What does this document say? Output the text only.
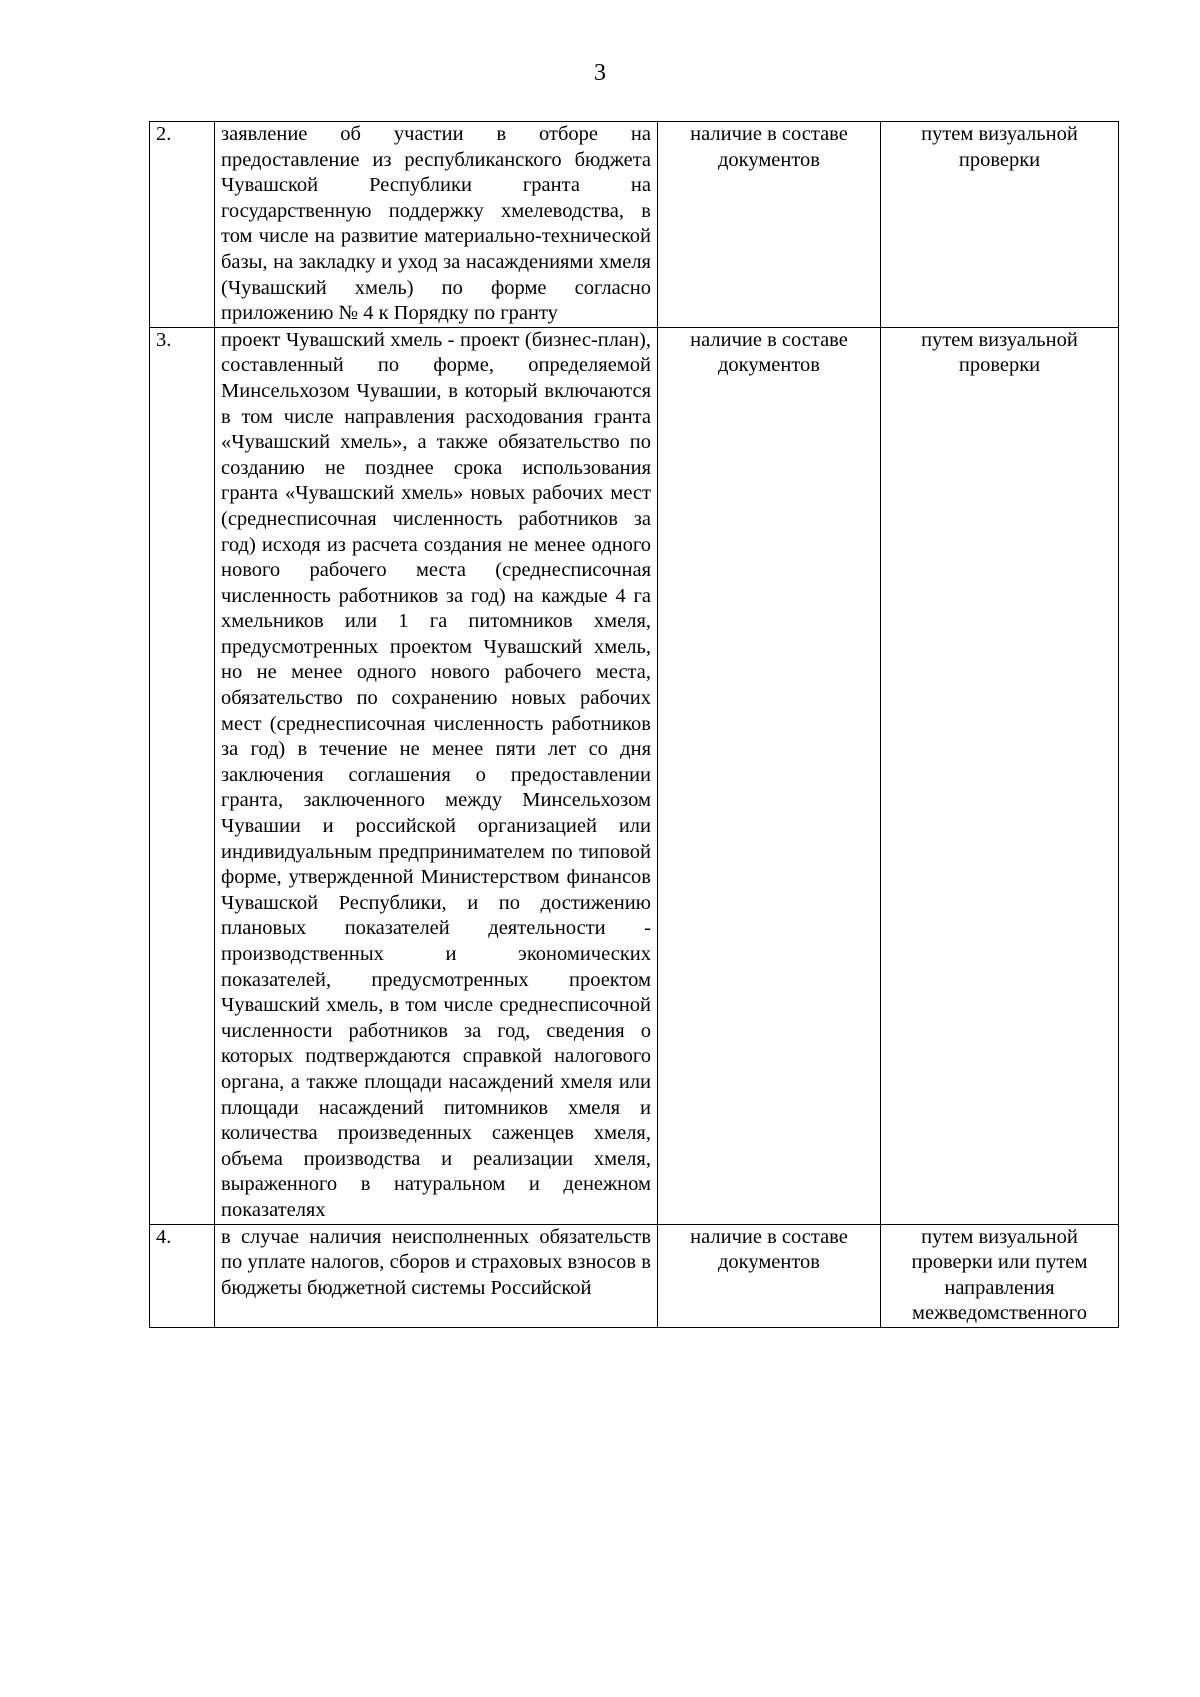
3
2.	заявление об участии в отборе на предоставление из республиканского бюджета Чувашской Республики гранта на государственную поддержку хмелеводства, в том числе на развитие материально-технической базы, на закладку и уход за насаждениями хмеля (Чувашский хмель) по форме согласно приложению № 4 к Порядку по гранту	наличие в составе документов	путем визуальной проверки
3.	проект Чувашский хмель - проект (бизнес-план), составленный по форме, определяемой Минсельхозом Чувашии, в который включаются в том числе направления расходования гранта «Чувашский хмель», а также обязательство по созданию не позднее срока использования гранта «Чувашский хмель» новых рабочих мест (среднесписочная численность работников за год) исходя из расчета создания не менее одного нового рабочего места (среднесписочная численность работников за год) на каждые 4 га хмельников или 1 га питомников хмеля, предусмотренных проектом Чувашский хмель, но не менее одного нового рабочего места, обязательство по сохранению новых рабочих мест (среднесписочная численность работников за год) в течение не менее пяти лет со дня заключения соглашения о предоставлении гранта, заключенного между Минсельхозом Чувашии и российской организацией или индивидуальным предпринимателем по типовой форме, утвержденной Министерством финансов Чувашской Республики, и по достижению плановых показателей деятельности - производственных и экономических показателей, предусмотренных проектом Чувашский хмель, в том числе среднесписочной численности работников за год, сведения о которых подтверждаются справкой налогового органа, а также площади насаждений хмеля или площади насаждений питомников хмеля и количества произведенных саженцев хмеля, объема производства и реализации хмеля, выраженного в натуральном и денежном показателях	наличие в составе документов	путем визуальной проверки
4.	в случае наличия неисполненных обязательств по уплате налогов, сборов и страховых взносов в бюджеты бюджетной системы Российской	наличие в составе документов	путем визуальной проверки или путем направления межведомственного
